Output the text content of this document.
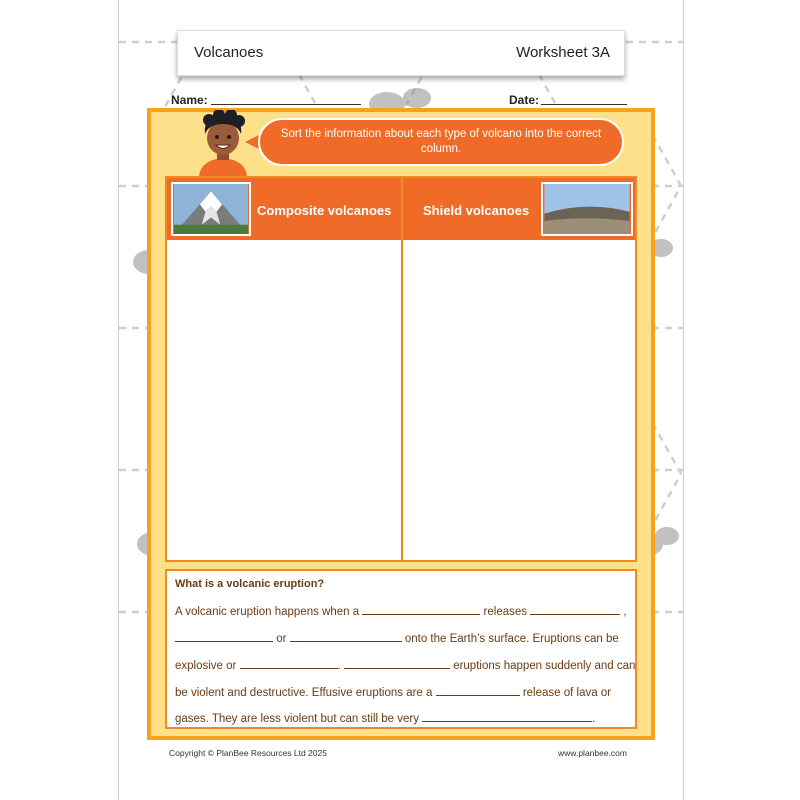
Volcanoes	Worksheet 3A
Name:	Date:
Sort the information about each type of volcano into the correct column.
Composite volcanoes Shield volcanoes
What is a volcanic eruption?
A volcanic eruption happens when a	releases	,
or	onto the Earth’s surface. Eruptions can be
explosive or	.	eruptions happen suddenly and can
be violent and destructive. Effusive eruptions are a	release of lava or
gases. They are less violent but can still be very	.
Copyright © PlanBee Resources Ltd 2025	www.planbee.com
